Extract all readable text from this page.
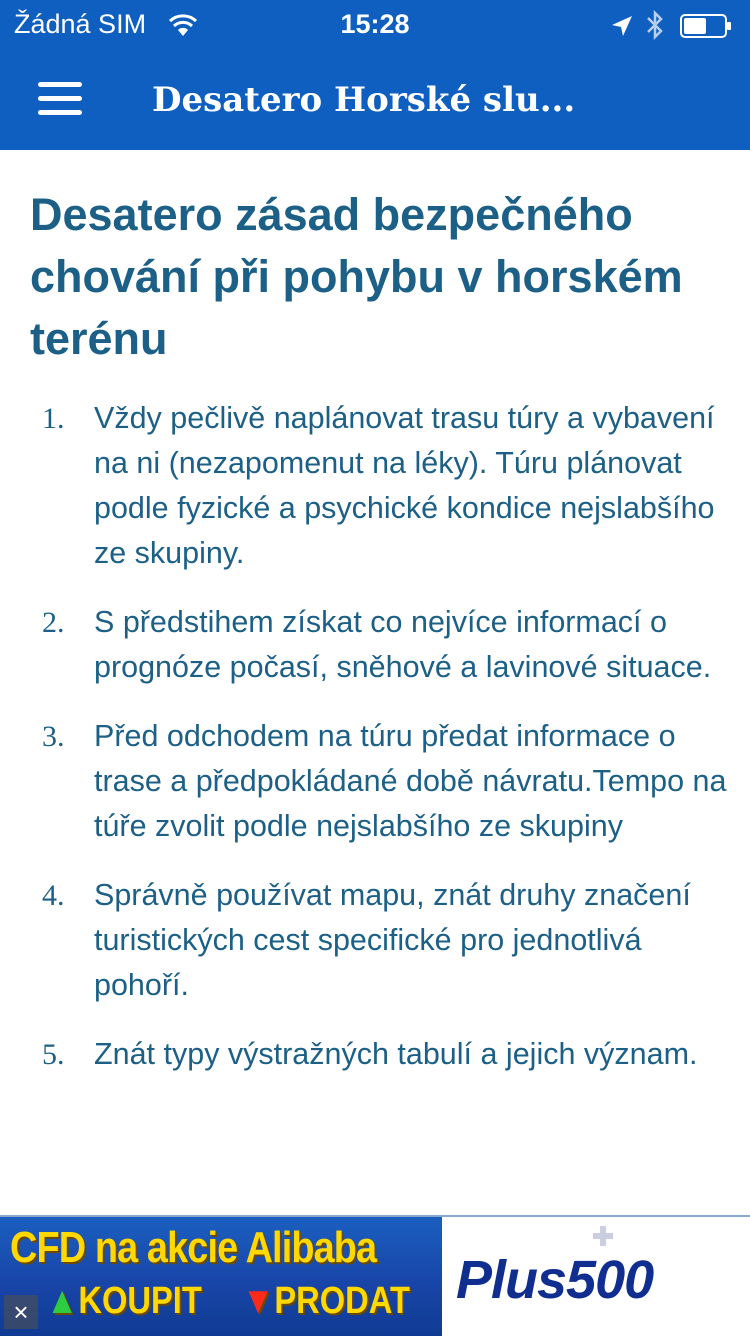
Žádná SIM	15:28
Desatero Horské slu...
Desatero zásad bezpečného chování při pohybu v horském terénu
1. Vždy pečlivě naplánovat trasu túry a vybavení na ni (nezapomenut na léky). Túru plánovat podle fyzické a psychické kondice nejslabšího ze skupiny.
2. S předstihem získat co nejvíce informací o prognóze počasí, sněhové a lavinové situace.
3. Před odchodem na túru předat informace o trase a předpokládané době návratu.Tempo na túře zvolit podle nejslabšího ze skupiny
4. Správně používat mapu, znát druhy značení turistických cest specifické pro jednotlivá pohoří.
5. Znát typy výstražných tabulí a jejich význam.
CFD na akcie Alibaba
▲KOUPIT ▼PRODAT
×
Plus500
